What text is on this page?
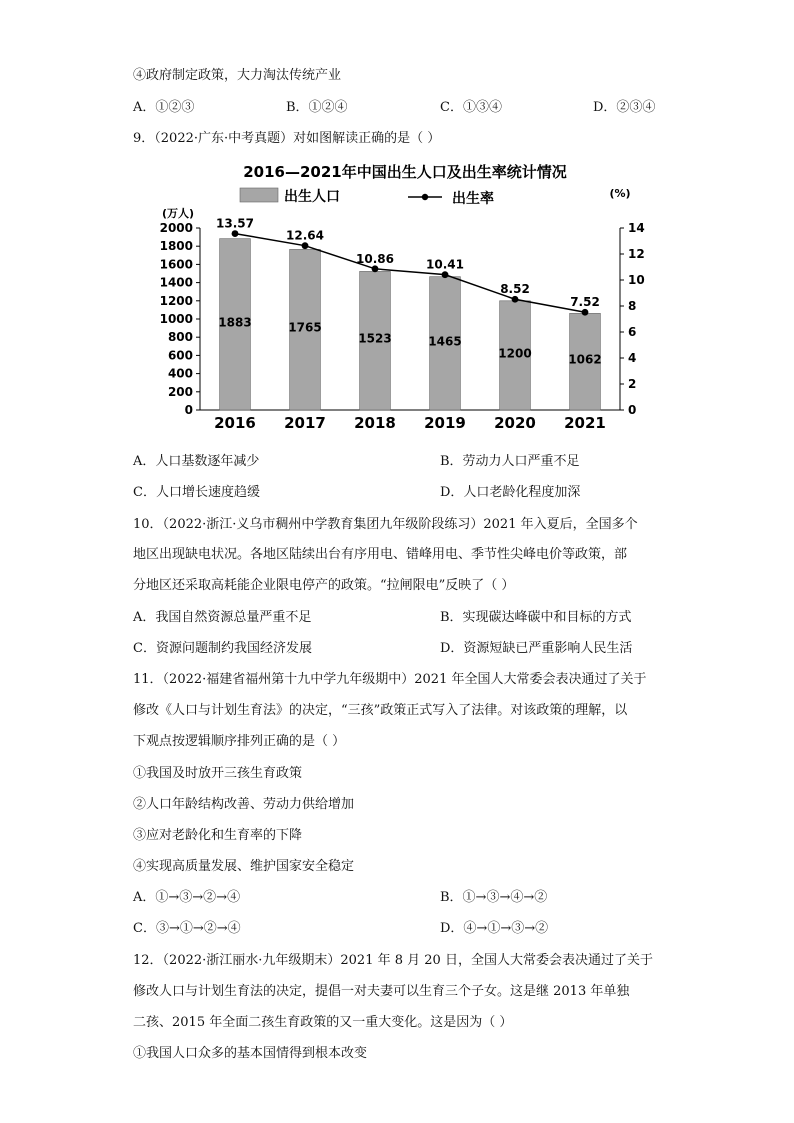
④政府制定政策，大力淘汰传统产业
A．①②③	B．①②④	C．①③④	D．②③④
9．（2022·广东·中考真题）对如图解读正确的是（ ）
2016—2021年中国出生人口及出生率统计情况
出生人口	出生率
(万人)
(%)
0
200
400
600
800
1000
1200
1400
1600
1800
2000
0
2
4
6
8
10
12
14
1883
2016
1765
2017
1523
2018
1465
2019
1200
2020
1062
2021
13.57
12.64
10.86	10.41
8.52
7.52
A．人口基数逐年减少	B．劳动力人口严重不足
C．人口增长速度趋缓	D．人口老龄化程度加深
10．（2022·浙江·义乌市稠州中学教育集团九年级阶段练习）2021 年入夏后，全国多个
地区出现缺电状况。各地区陆续出台有序用电、错峰用电、季节性尖峰电价等政策，部
分地区还采取高耗能企业限电停产的政策。“拉闸限电”反映了（ ）
A．我国自然资源总量严重不足	B．实现碳达峰碳中和目标的方式
C．资源问题制约我国经济发展	D．资源短缺已严重影响人民生活
11．（2022·福建省福州第十九中学九年级期中）2021 年全国人大常委会表决通过了关于
修改《人口与计划生育法》的决定，“三孩”政策正式写入了法律。对该政策的理解，以
下观点按逻辑顺序排列正确的是（ ）
①我国及时放开三孩生育政策
②人口年龄结构改善、劳动力供给增加
③应对老龄化和生育率的下降
④实现高质量发展、维护国家安全稳定
A．①→③→②→④	B．①→③→④→②
C．③→①→②→④	D．④→①→③→②
12．（2022·浙江丽水·九年级期末）2021 年 8 月 20 日，全国人大常委会表决通过了关于
修改人口与计划生育法的决定，提倡一对夫妻可以生育三个子女。这是继 2013 年单独
二孩、2015 年全面二孩生育政策的又一重大变化。这是因为（ ）
①我国人口众多的基本国情得到根本改变
